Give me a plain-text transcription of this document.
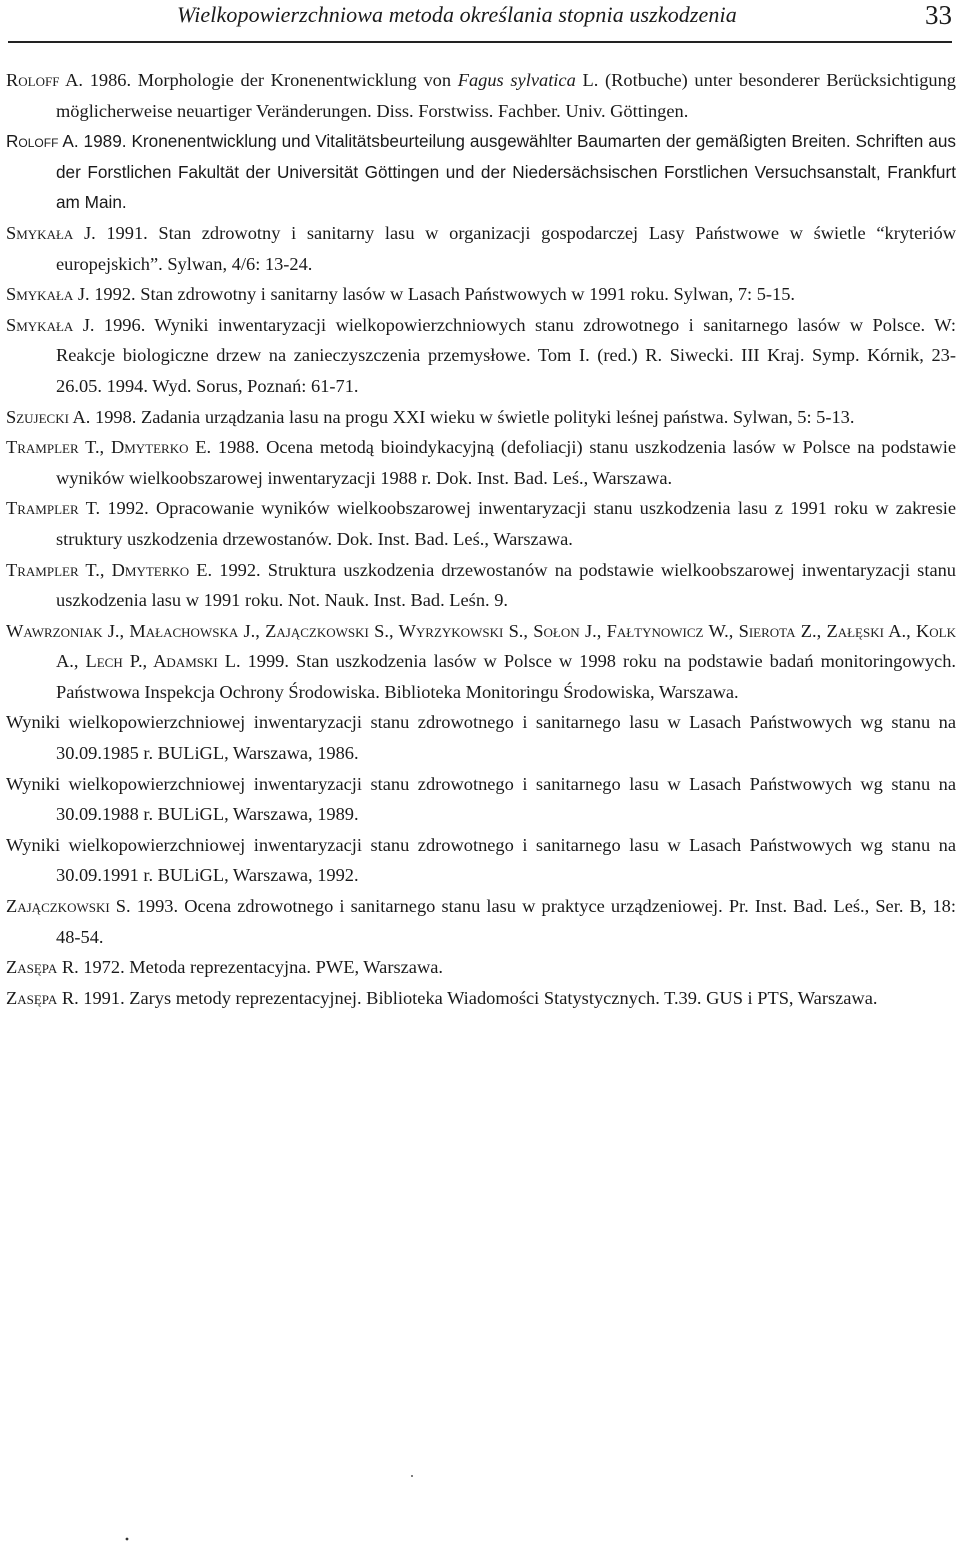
Wielkopowierzchniowa metoda określania stopnia uszkodzenia	33
Roloff A. 1986. Morphologie der Kronenentwicklung von Fagus sylvatica L. (Rotbuche) unter besonderer Berücksichtigung möglicherweise neuartiger Veränderungen. Diss. Forstwiss. Fachber. Univ. Göttingen.
Roloff A. 1989. Kronenentwicklung und Vitalitätsbeurteilung ausgewählter Baumarten der gemäßigten Breiten. Schriften aus der Forstlichen Fakultät der Universität Göttingen und der Niedersächsischen Forstlichen Versuchsanstalt, Frankfurt am Main.
Smykała J. 1991. Stan zdrowotny i sanitarny lasu w organizacji gospodarczej Lasy Państwowe w świetle “kryteriów europejskich”. Sylwan, 4/6: 13-24.
Smykała J. 1992. Stan zdrowotny i sanitarny lasów w Lasach Państwowych w 1991 roku. Sylwan, 7: 5-15.
Smykała J. 1996. Wyniki inwentaryzacji wielkopowierzchniowych stanu zdrowotnego i sanitarnego lasów w Polsce. W: Reakcje biologiczne drzew na zanieczyszczenia przemysłowe. Tom I. (red.) R. Siwecki. III Kraj. Symp. Kórnik, 23-26.05. 1994. Wyd. Sorus, Poznań: 61-71.
Szujecki A. 1998. Zadania urządzania lasu na progu XXI wieku w świetle polityki leśnej państwa. Sylwan, 5: 5-13.
Trampler T., Dmyterko E. 1988. Ocena metodą bioindykacyjną (defoliacji) stanu uszkodzenia lasów w Polsce na podstawie wyników wielkoobszarowej inwentaryzacji 1988 r. Dok. Inst. Bad. Leś., Warszawa.
Trampler T. 1992. Opracowanie wyników wielkoobszarowej inwentaryzacji stanu uszkodzenia lasu z 1991 roku w zakresie struktury uszkodzenia drzewostanów. Dok. Inst. Bad. Leś., Warszawa.
Trampler T., Dmyterko E. 1992. Struktura uszkodzenia drzewostanów na podstawie wielkoobszarowej inwentaryzacji stanu uszkodzenia lasu w 1991 roku. Not. Nauk. Inst. Bad. Leśn. 9.
Wawrzoniak J., Małachowska J., Zajączkowski S., Wyrzykowski S., Sołon J., Fałtynowicz W., Sierota Z., Załęski A., Kolk A., Lech P., Adamski L. 1999. Stan uszkodzenia lasów w Polsce w 1998 roku na podstawie badań monitoringowych. Państwowa Inspekcja Ochrony Środowiska. Biblioteka Monitoringu Środowiska, Warszawa.
Wyniki wielkopowierzchniowej inwentaryzacji stanu zdrowotnego i sanitarnego lasu w Lasach Państwowych wg stanu na 30.09.1985 r. BULiGL, Warszawa, 1986.
Wyniki wielkopowierzchniowej inwentaryzacji stanu zdrowotnego i sanitarnego lasu w Lasach Państwowych wg stanu na 30.09.1988 r. BULiGL, Warszawa, 1989.
Wyniki wielkopowierzchniowej inwentaryzacji stanu zdrowotnego i sanitarnego lasu w Lasach Państwowych wg stanu na 30.09.1991 r. BULiGL, Warszawa, 1992.
Zajączkowski S. 1993. Ocena zdrowotnego i sanitarnego stanu lasu w praktyce urządzeniowej. Pr. Inst. Bad. Leś., Ser. B, 18: 48-54.
Zasępa R. 1972. Metoda reprezentacyjna. PWE, Warszawa.
Zasępa R. 1991. Zarys metody reprezentacyjnej. Biblioteka Wiadomości Statystycznych. T.39. GUS i PTS, Warszawa.
